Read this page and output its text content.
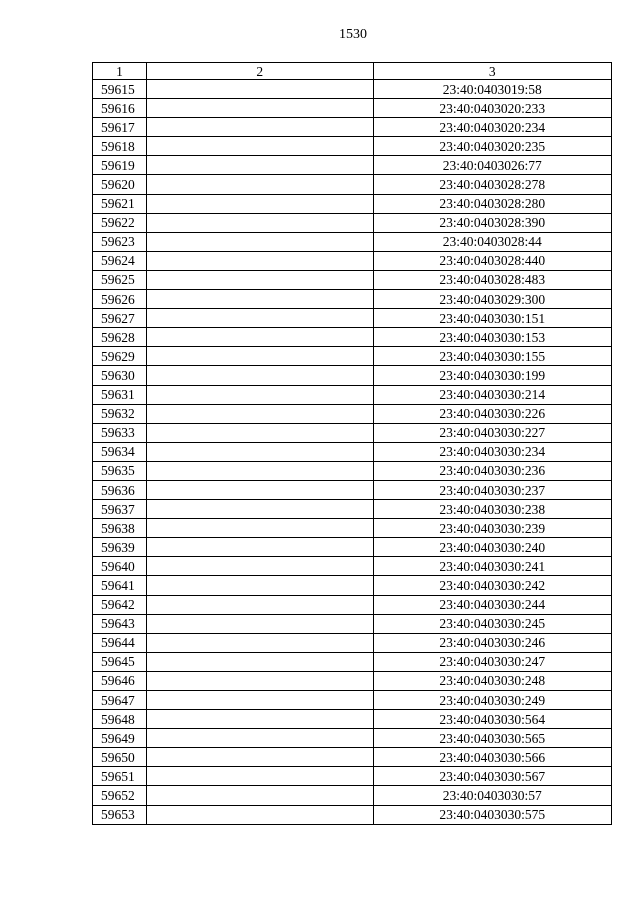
1530
1	2	3
59615		23:40:0403019:58
59616		23:40:0403020:233
59617		23:40:0403020:234
59618		23:40:0403020:235
59619		23:40:0403026:77
59620		23:40:0403028:278
59621		23:40:0403028:280
59622		23:40:0403028:390
59623		23:40:0403028:44
59624		23:40:0403028:440
59625		23:40:0403028:483
59626		23:40:0403029:300
59627		23:40:0403030:151
59628		23:40:0403030:153
59629		23:40:0403030:155
59630		23:40:0403030:199
59631		23:40:0403030:214
59632		23:40:0403030:226
59633		23:40:0403030:227
59634		23:40:0403030:234
59635		23:40:0403030:236
59636		23:40:0403030:237
59637		23:40:0403030:238
59638		23:40:0403030:239
59639		23:40:0403030:240
59640		23:40:0403030:241
59641		23:40:0403030:242
59642		23:40:0403030:244
59643		23:40:0403030:245
59644		23:40:0403030:246
59645		23:40:0403030:247
59646		23:40:0403030:248
59647		23:40:0403030:249
59648		23:40:0403030:564
59649		23:40:0403030:565
59650		23:40:0403030:566
59651		23:40:0403030:567
59652		23:40:0403030:57
59653		23:40:0403030:575
